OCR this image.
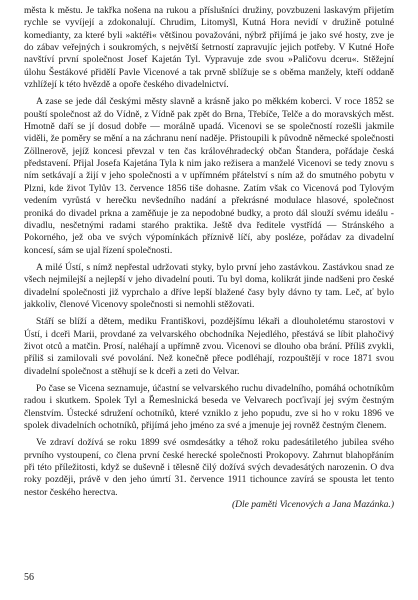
města k městu. Je takřka nošena na rukou a příslušníci družiny, povzbuzeni laskavým přijetím rychle se vyvíjejí a zdokonalují. Chrudim, Litomyšl, Kutná Hora nevidí v družině potulné komedianty, za které byli »aktéři« většinou považováni, nýbrž přijímá je jako své hosty, zve je do zábav veřejných i soukromých, s největší šetrností zapravujíc jejich potřeby. V Kutné Hoře navštíví první společnost Josef Kajetán Tyl. Vypravuje zde svou »Paličovu dceru«. Stěžejní úlohu Šestákové přidělí Pavle Vicenové a tak prvně sblížuje se s oběma manžely, kteří oddaně vzhlížejí k této hvězdě a opoře českého divadelnictví.

A zase se jede dál českými městy slavně a krásně jako po měkkém koberci. V roce 1852 se pouští společnost až do Vídně, z Vídně pak zpět do Brna, Třebíče, Telče a do moravských měst. Hmotně daří se jí dosud dobře — morálně upadá. Vicenovi se se společností rozešli jakmile viděli, že poměry se mění a na záchranu není naděje. Přistoupili k původně německé společnosti Zöllnerově, jejíž koncesi převzal v ten čas královéhradecký občan Štandera, pořádaje česká představení. Přijal Josefa Kajetána Tyla k nim jako režisera a manželé Vicenovi se tedy znovu s ním setkávají a žijí v jeho společnosti a v upřímném přátelství s ním až do smutného pobytu v Plzni, kde život Tylův 13. července 1856 tiše dohasne. Zatím však co Vicenová pod Tylovým vedením vyrůstá v herečku nevšedního nadání a překrásné modulace hlasové, společnost proniká do divadel prkna a zaměňuje je za nepodobné budky, a proto dál slouží svému ideálu - divadlu, nesčetnými radami starého praktika. Ještě dva ředitele vystřídá — Stránského a Pokorného, jež oba ve svých výpomínkách příznivě líčí, aby posléze, pořádav za divadelní koncesí, sám se ujal řízení společnosti.

A milé Ústí, s nímž nepřestal udržovati styky, bylo první jeho zastávkou. Zastávkou snad ze všech nejmilejší a nejlepší v jeho divadelní pouti. Tu byl doma, kolikrát jinde nadšeni pro české divadelní společnosti již vyprchalo a dříve lepší blažené časy byly dávno ty tam. Leč, ať bylo jakkoliv, členové Vicenovy společnosti si nemohli stěžovati.

Stáří se blíží a dětem, mediku Františkovi, pozdějšímu lékaři a dlouholetému starostovi v Ústí, i dceři Marii, provdané za velvarského obchodníka Nejedlého, přestává se líbit plahočivý život otců a matčin. Prosí, naléhají a upřímně zvou. Vicenovi se dlouho oba brání. Příliš zvykli, příliš si zamilovali své povolání. Než konečně přece podléhají, rozpouštějí v roce 1871 svou divadelní společnost a stěhují se k dceři a zeti do Velvar.

Po čase se Vicena seznamuje, účastní se velvarského ruchu divadelního, pomáhá ochotníkům radou i skutkem. Spolek Tyl a Řemeslnická beseda ve Velvarech pocťivají jej svým čestným členstvím. Ústecké sdružení ochotníků, které vzniklo z jeho popudu, zve si ho v roku 1896 ve spolek divadelních ochotníků, přijímá jeho jméno za své a jmenuje jej rovněž čestným členem.

Ve zdraví dožívá se roku 1899 své osmdesátky a téhož roku padesátiletého jubilea svého prvního vystoupení, co člena první české herecké společnosti Prokopovy. Zahrnut blahopřáním při této příležitosti, když se duševně i tělesně čilý dožívá svých devadesátých narozenin. O dva roky později, právě v den jeho úmrtí 31. července 1911 tichounce zavírá se spousta let tento nestor českého herectva.
(Dle paměti Vicenových a Jana Mazánka.)

56
